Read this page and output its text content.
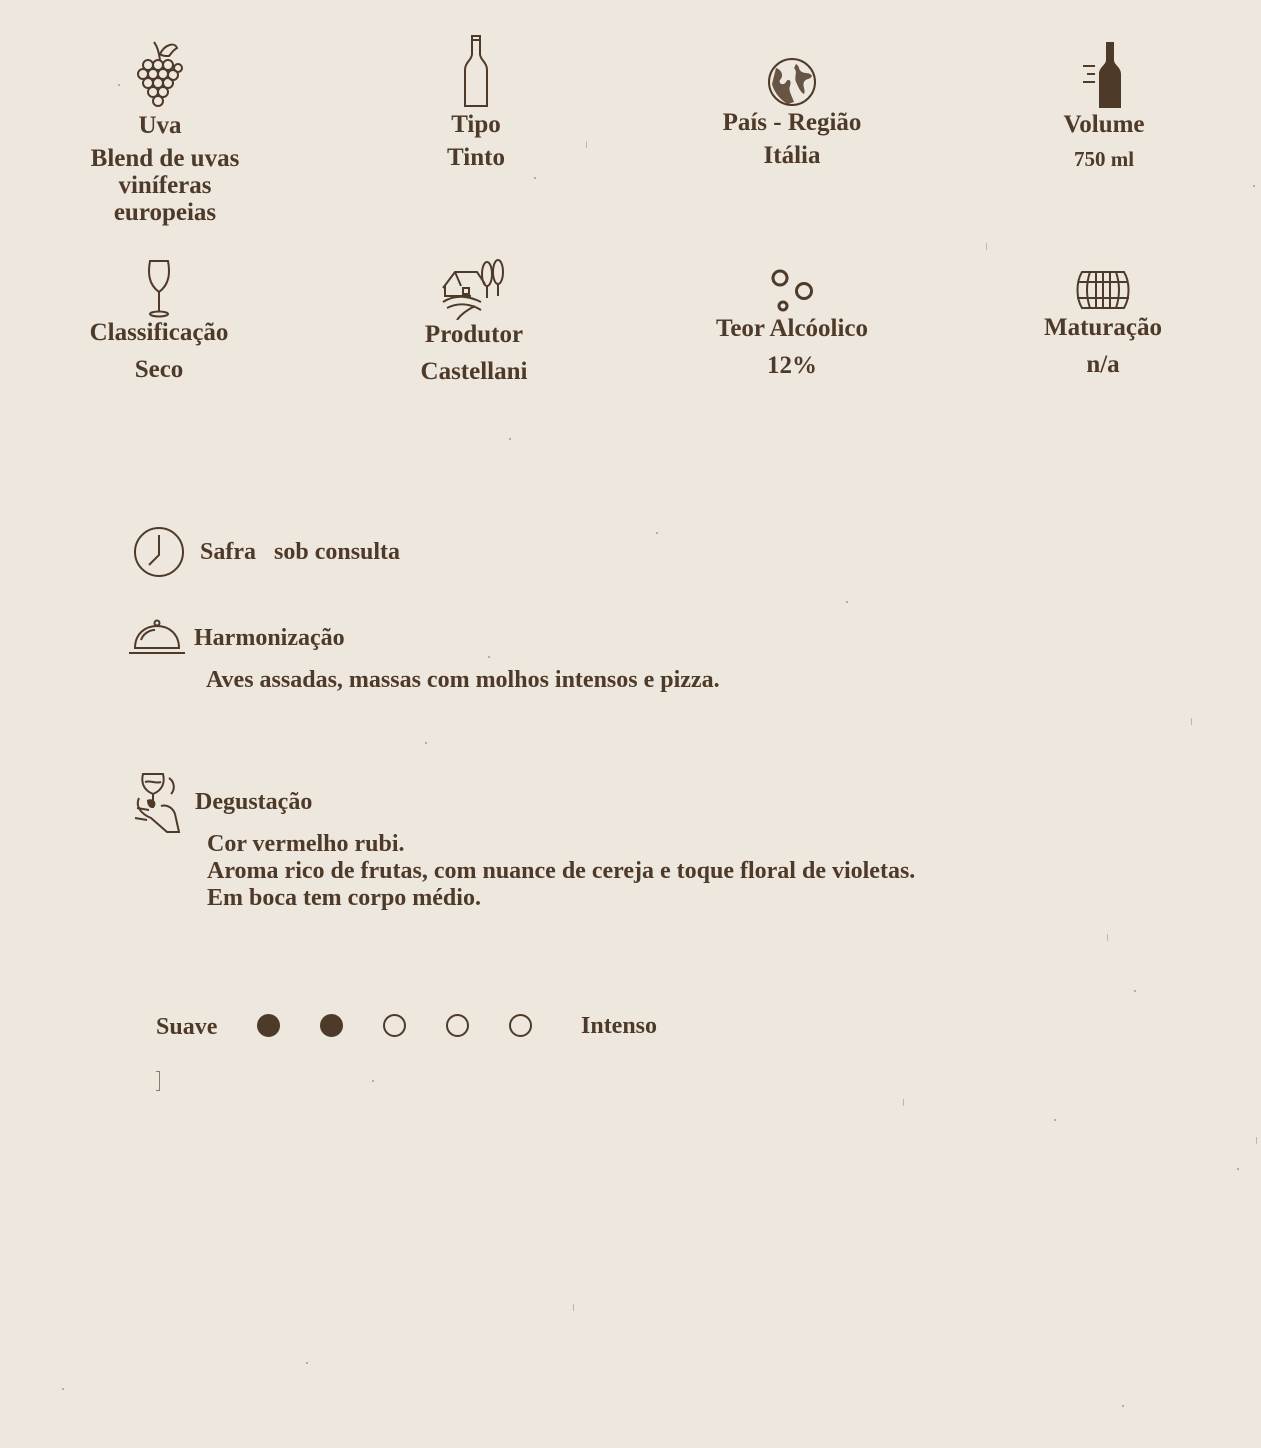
Uva
Blend de uvas viníferas europeias
Tipo
Tinto
País - Região
Itália
Volume
750 ml
Classificação
Seco
Produtor
Castellani
Teor Alcóolico
12%
Maturação
n/a
Safra sob consulta
Harmonização
Aves assadas, massas com molhos intensos e pizza.
Degustação
Cor vermelho rubi.
Aroma rico de frutas, com nuance de cereja e toque floral de violetas.
Em boca tem corpo médio.
Suave	Intenso
